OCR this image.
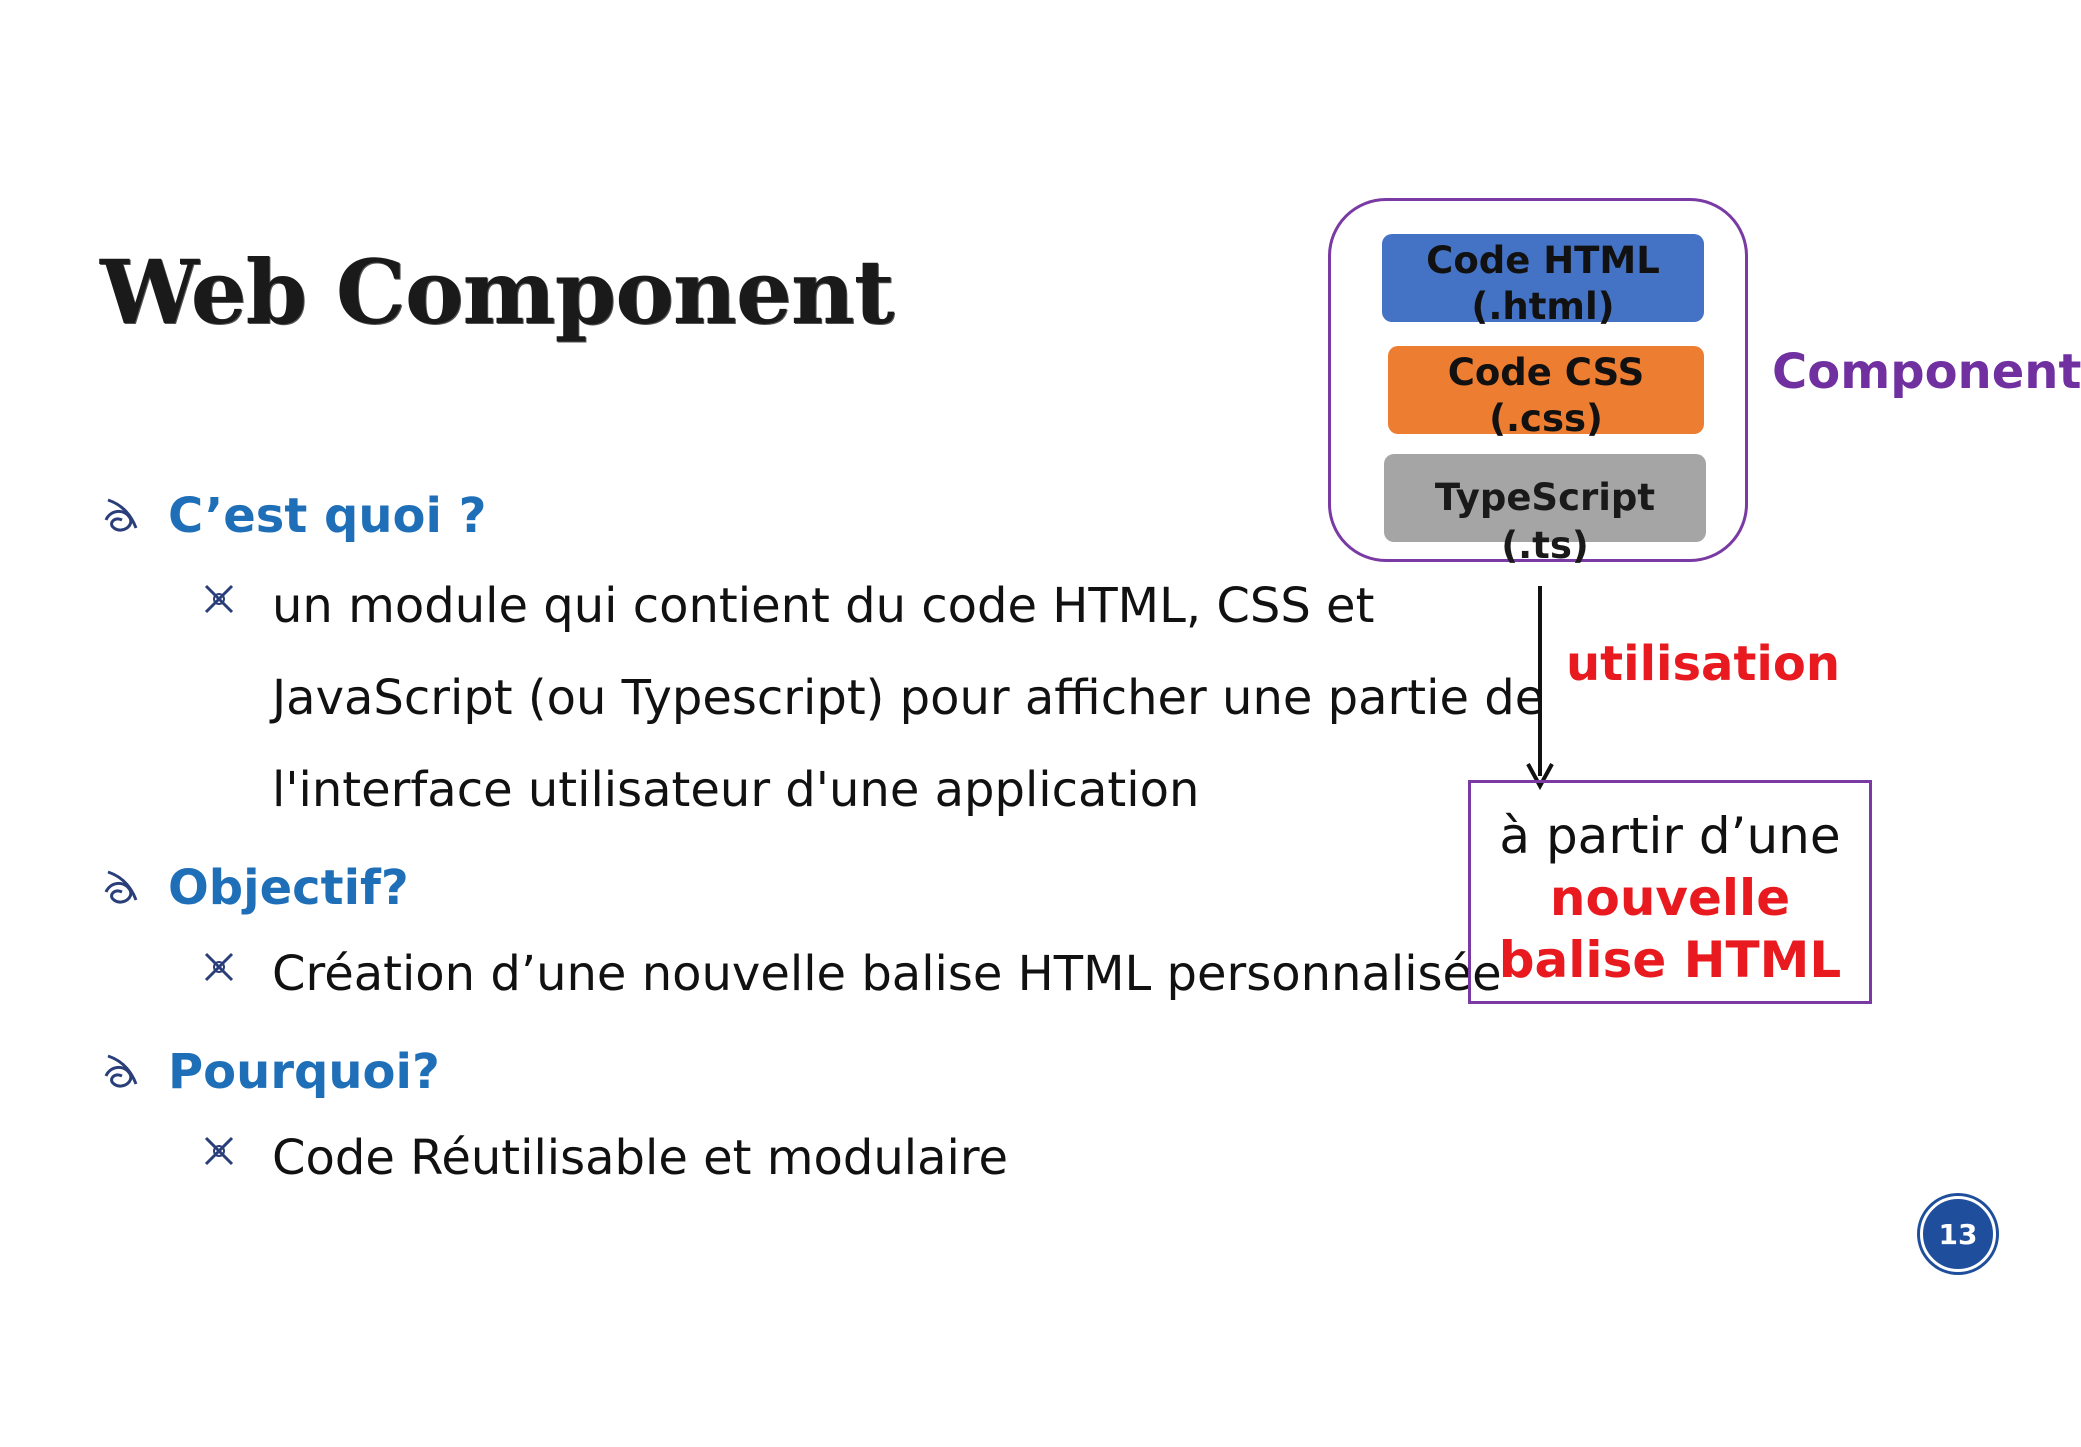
Web Component
C’est quoi ?
un module qui contient du code HTML, CSS et JavaScript (ou Typescript) pour afficher une partie de l'interface utilisateur d'une application
Objectif?
Création d’une nouvelle balise HTML personnalisée
Pourquoi?
Code Réutilisable et modulaire
Code HTML
(.html)
Code CSS
(.css)
TypeScript
(.ts)
Component
utilisation
à partir d’une
nouvelle balise HTML
13
